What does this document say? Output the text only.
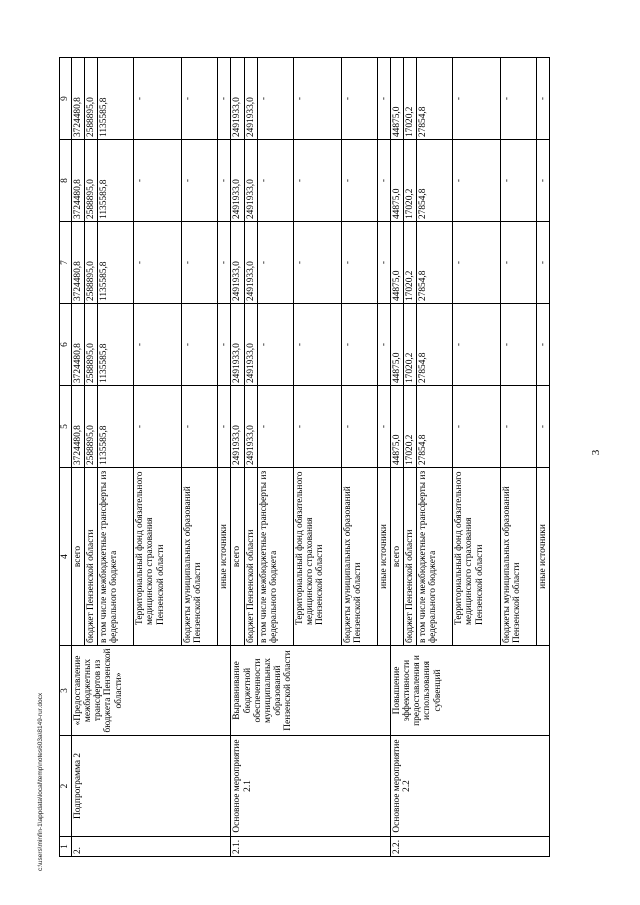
c:\users\minfin-1\appdata\local\temp\notes603a\8149-rur.docx 1	2	3	4	5	6	7	8	9
2.	Подпрограмма 2	«Предоставление межбюджетных трансфертов из бюджета Пензенской области»	всего	3724480,8	3724480,8	3724480,8	3724480,8	3724480,8
			бюджет Пензенской области	2588895,0	2588895,0	2588895,0	2588895,0	2588895,0
			в том числе межбюджетные трансферты из федерального бюджета	1135585,8	1135585,8	1135585,8	1135585,8	1135585,8
			Территориальный фонд обязательного медицинского страхования Пензенской области	-	-	-	-	-
			бюджеты муниципальных образований Пензенской области	-	-	-	-	-
			иные источники	-	-	-	-	-
2.1.	Основное мероприятие 2.1	Выравнивание бюджетной обеспеченности муниципальных образований Пензенской области	всего	2491933,0	2491933,0	2491933,0	2491933,0	2491933,0
			бюджет Пензенской области	2491933,0	2491933,0	2491933,0	2491933,0	2491933,0
			в том числе межбюджетные трансферты из федерального бюджета	-	-	-	-	-
			Территориальный фонд обязательного медицинского страхования Пензенской области	-	-	-	-	-
			бюджеты муниципальных образований Пензенской области	-	-	-	-	-
			иные источники	-	-	-	-	-
2.2.	Основное мероприятие 2.2	Повышение эффективности предоставления и использования субвенций	всего	44875,0	44875,0	44875,0	44875,0	44875,0
			бюджет Пензенской области	17020,2	17020,2	17020,2	17020,2	17020,2
			в том числе межбюджетные трансферты из федерального бюджета	27854,8	27854,8	27854,8	27854,8	27854,8
			Территориальный фонд обязательного медицинского страхования Пензенской области	-	-	-	-	-
			бюджеты муниципальных образований Пензенской области	-	-	-	-	-
			иные источники	-	-	-	-	-
3
